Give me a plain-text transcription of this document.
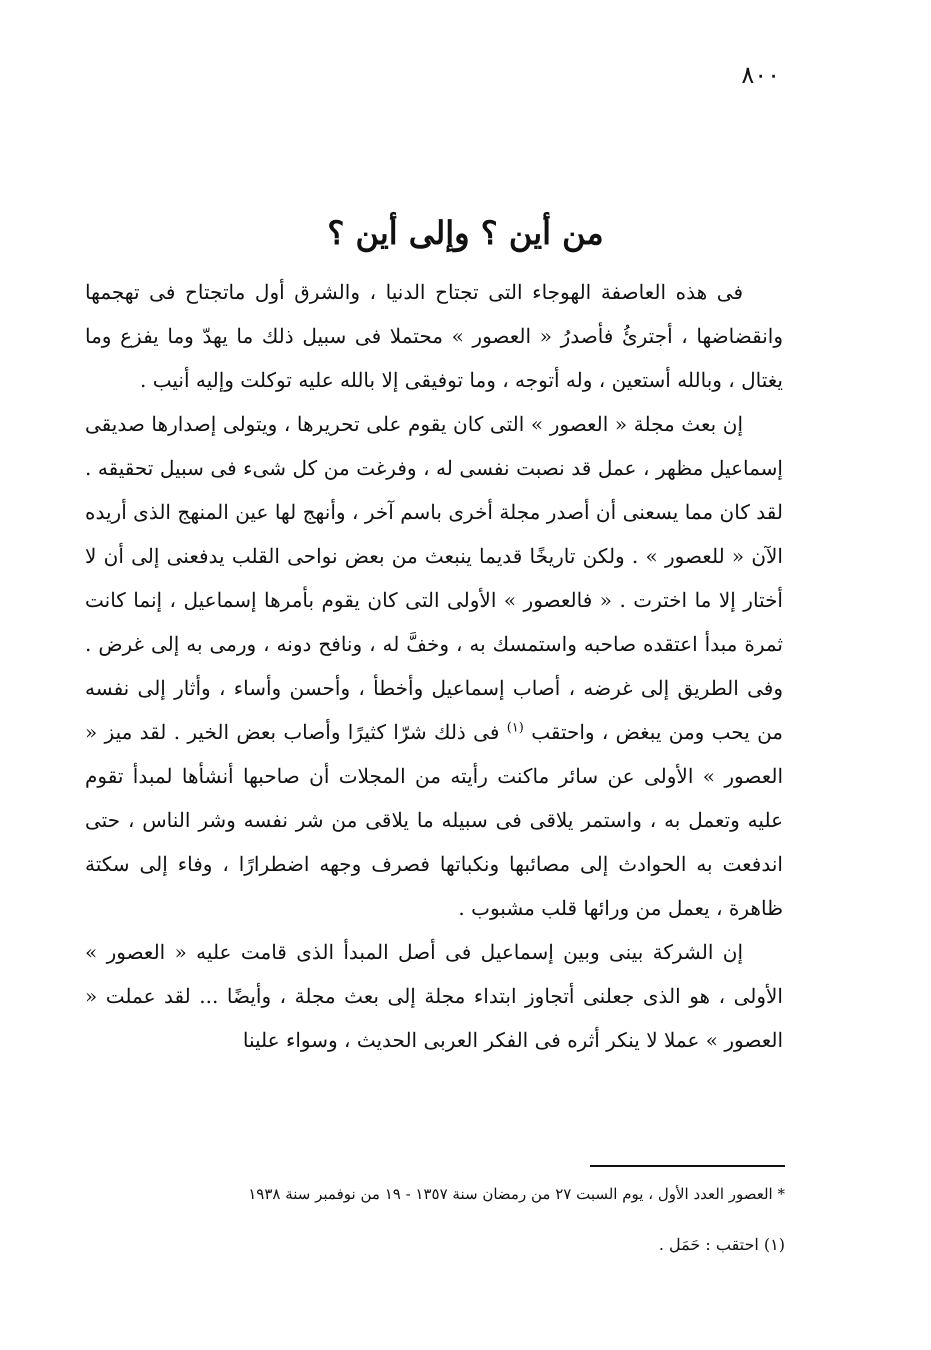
٨٠٠
من أين ؟ وإلى أين ؟

فى هذه العاصفة الهوجاء التى تجتاح الدنيا ، والشرق أول ماتجتاح فى تهجمها وانقضاضها ، أجترئُ فأصدرُ « العصور » محتملا فى سبيل ذلك ما يهدّ وما يفزع وما يغتال ، وبالله أستعين ، وله أتوجه ، وما توفيقى إلا بالله عليه توكلت وإليه أنيب .

إن بعث مجلة « العصور » التى كان يقوم على تحريرها ، ويتولى إصدارها صديقى إسماعيل مظهر ، عمل قد نصبت نفسى له ، وفرغت من كل شىء فى سبيل تحقيقه . لقد كان مما يسعنى أن أصدر مجلة أخرى باسم آخر ، وأنهج لها عين المنهج الذى أريده الآن « للعصور » . ولكن تاريخًا قديما ينبعث من بعض نواحى القلب يدفعنى إلى أن لا أختار إلا ما اخترت . « فالعصور » الأولى التى كان يقوم بأمرها إسماعيل ، إنما كانت ثمرة مبدأ اعتقده صاحبه واستمسك به ، وخفَّ له ، ونافح دونه ، ورمى به إلى غرض . وفى الطريق إلى غرضه ، أصاب إسماعيل وأخطأ ، وأحسن وأساء ، وأثار إلى نفسه من يحب ومن يبغض ، واحتقب $^{(١)}$ فى ذلك شرّا كثيرًا وأصاب بعض الخير . لقد ميز « العصور » الأولى عن سائر ماكنت رأيته من المجلات أن صاحبها أنشأها لمبدأ تقوم عليه وتعمل به ، واستمر يلاقى فى سبيله ما يلاقى من شر نفسه وشر الناس ، حتى اندفعت به الحوادث إلى مصائبها ونكباتها فصرف وجهه اضطرارًا ، وفاء إلى سكتة ظاهرة ، يعمل من ورائها قلب مشبوب .

إن الشركة بينى وبين إسماعيل فى أصل المبدأ الذى قامت عليه « العصور » الأولى ، هو الذى جعلنى أتجاوز ابتداء مجلة إلى بعث مجلة ، وأيضًا ... لقد عملت « العصور » عملا لا ينكر أثره فى الفكر العربى الحديث ، وسواء علينا

* العصور العدد الأول ، يوم السبت ٢٧ من رمضان سنة ١٣٥٧ - ١٩ من نوفمبر سنة ١٩٣٨
(١) احتقب : حَمَل .
